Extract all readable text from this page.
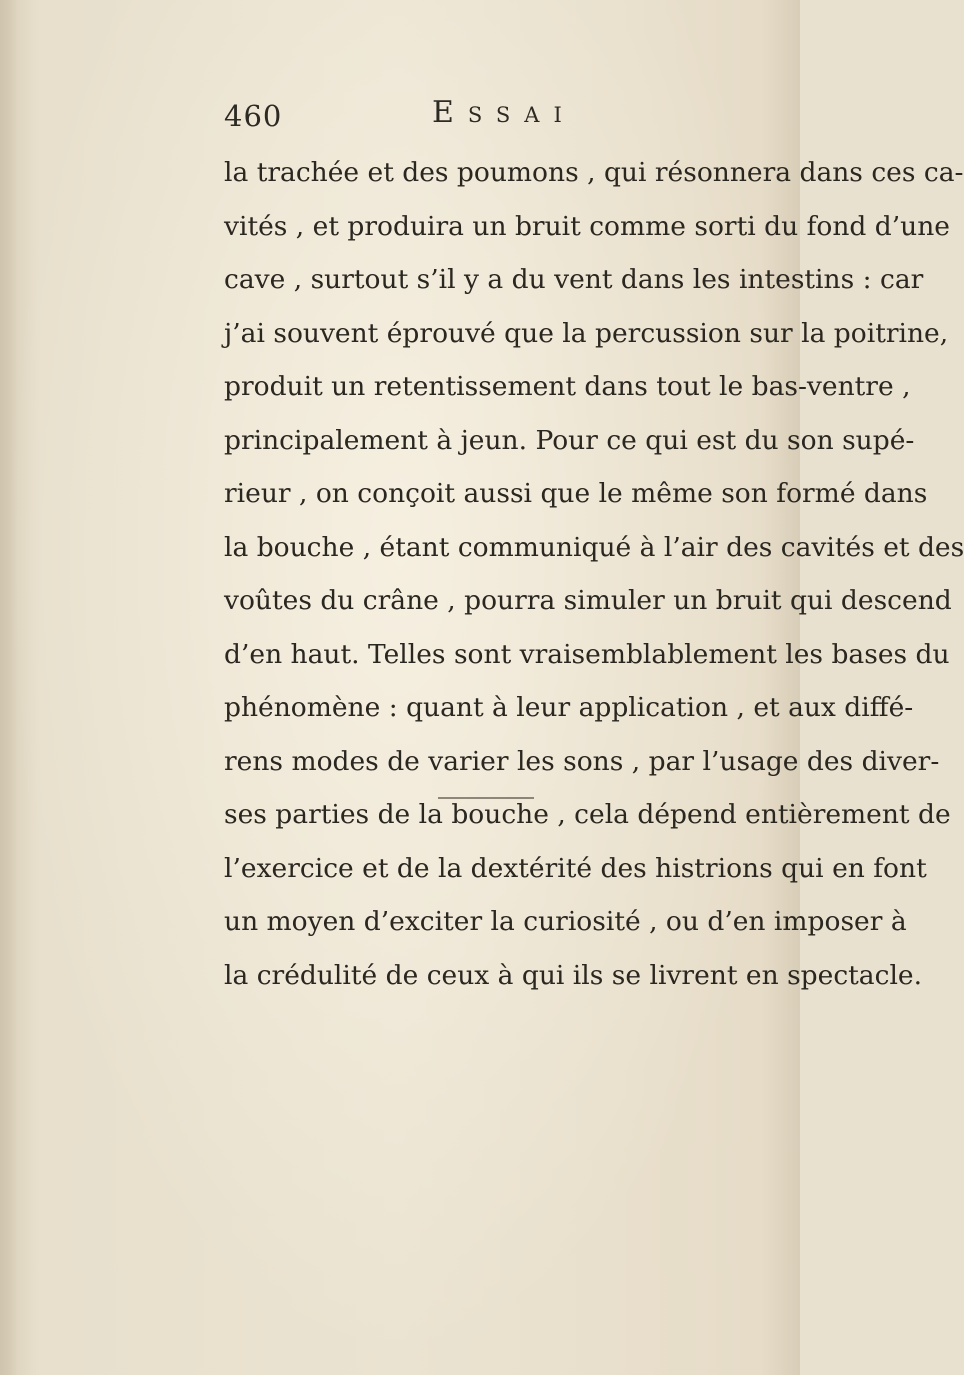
460	Essai
la trachée et des poumons , qui résonnera dans ces ca-
vités , et produira un bruit comme sorti du fond d’une
cave , surtout s’il y a du vent dans les intestins : car
j’ai souvent éprouvé que la percussion sur la poitrine,
produit un retentissement dans tout le bas-ventre ,
principalement à jeun. Pour ce qui est du son supé-
rieur , on conçoit aussi que le même son formé dans
la bouche , étant communiqué à l’air des cavités et des
voûtes du crâne , pourra simuler un bruit qui descend
d’en haut. Telles sont vraisemblablement les bases du
phénomène : quant à leur application , et aux diffé-
rens modes de varier les sons , par l’usage des diver-
ses parties de la bouche , cela dépend entièrement de
l’exercice et de la dextérité des histrions qui en font
un moyen d’exciter la curiosité , ou d’en imposer à
la crédulité de ceux à qui ils se livrent en spectacle.
